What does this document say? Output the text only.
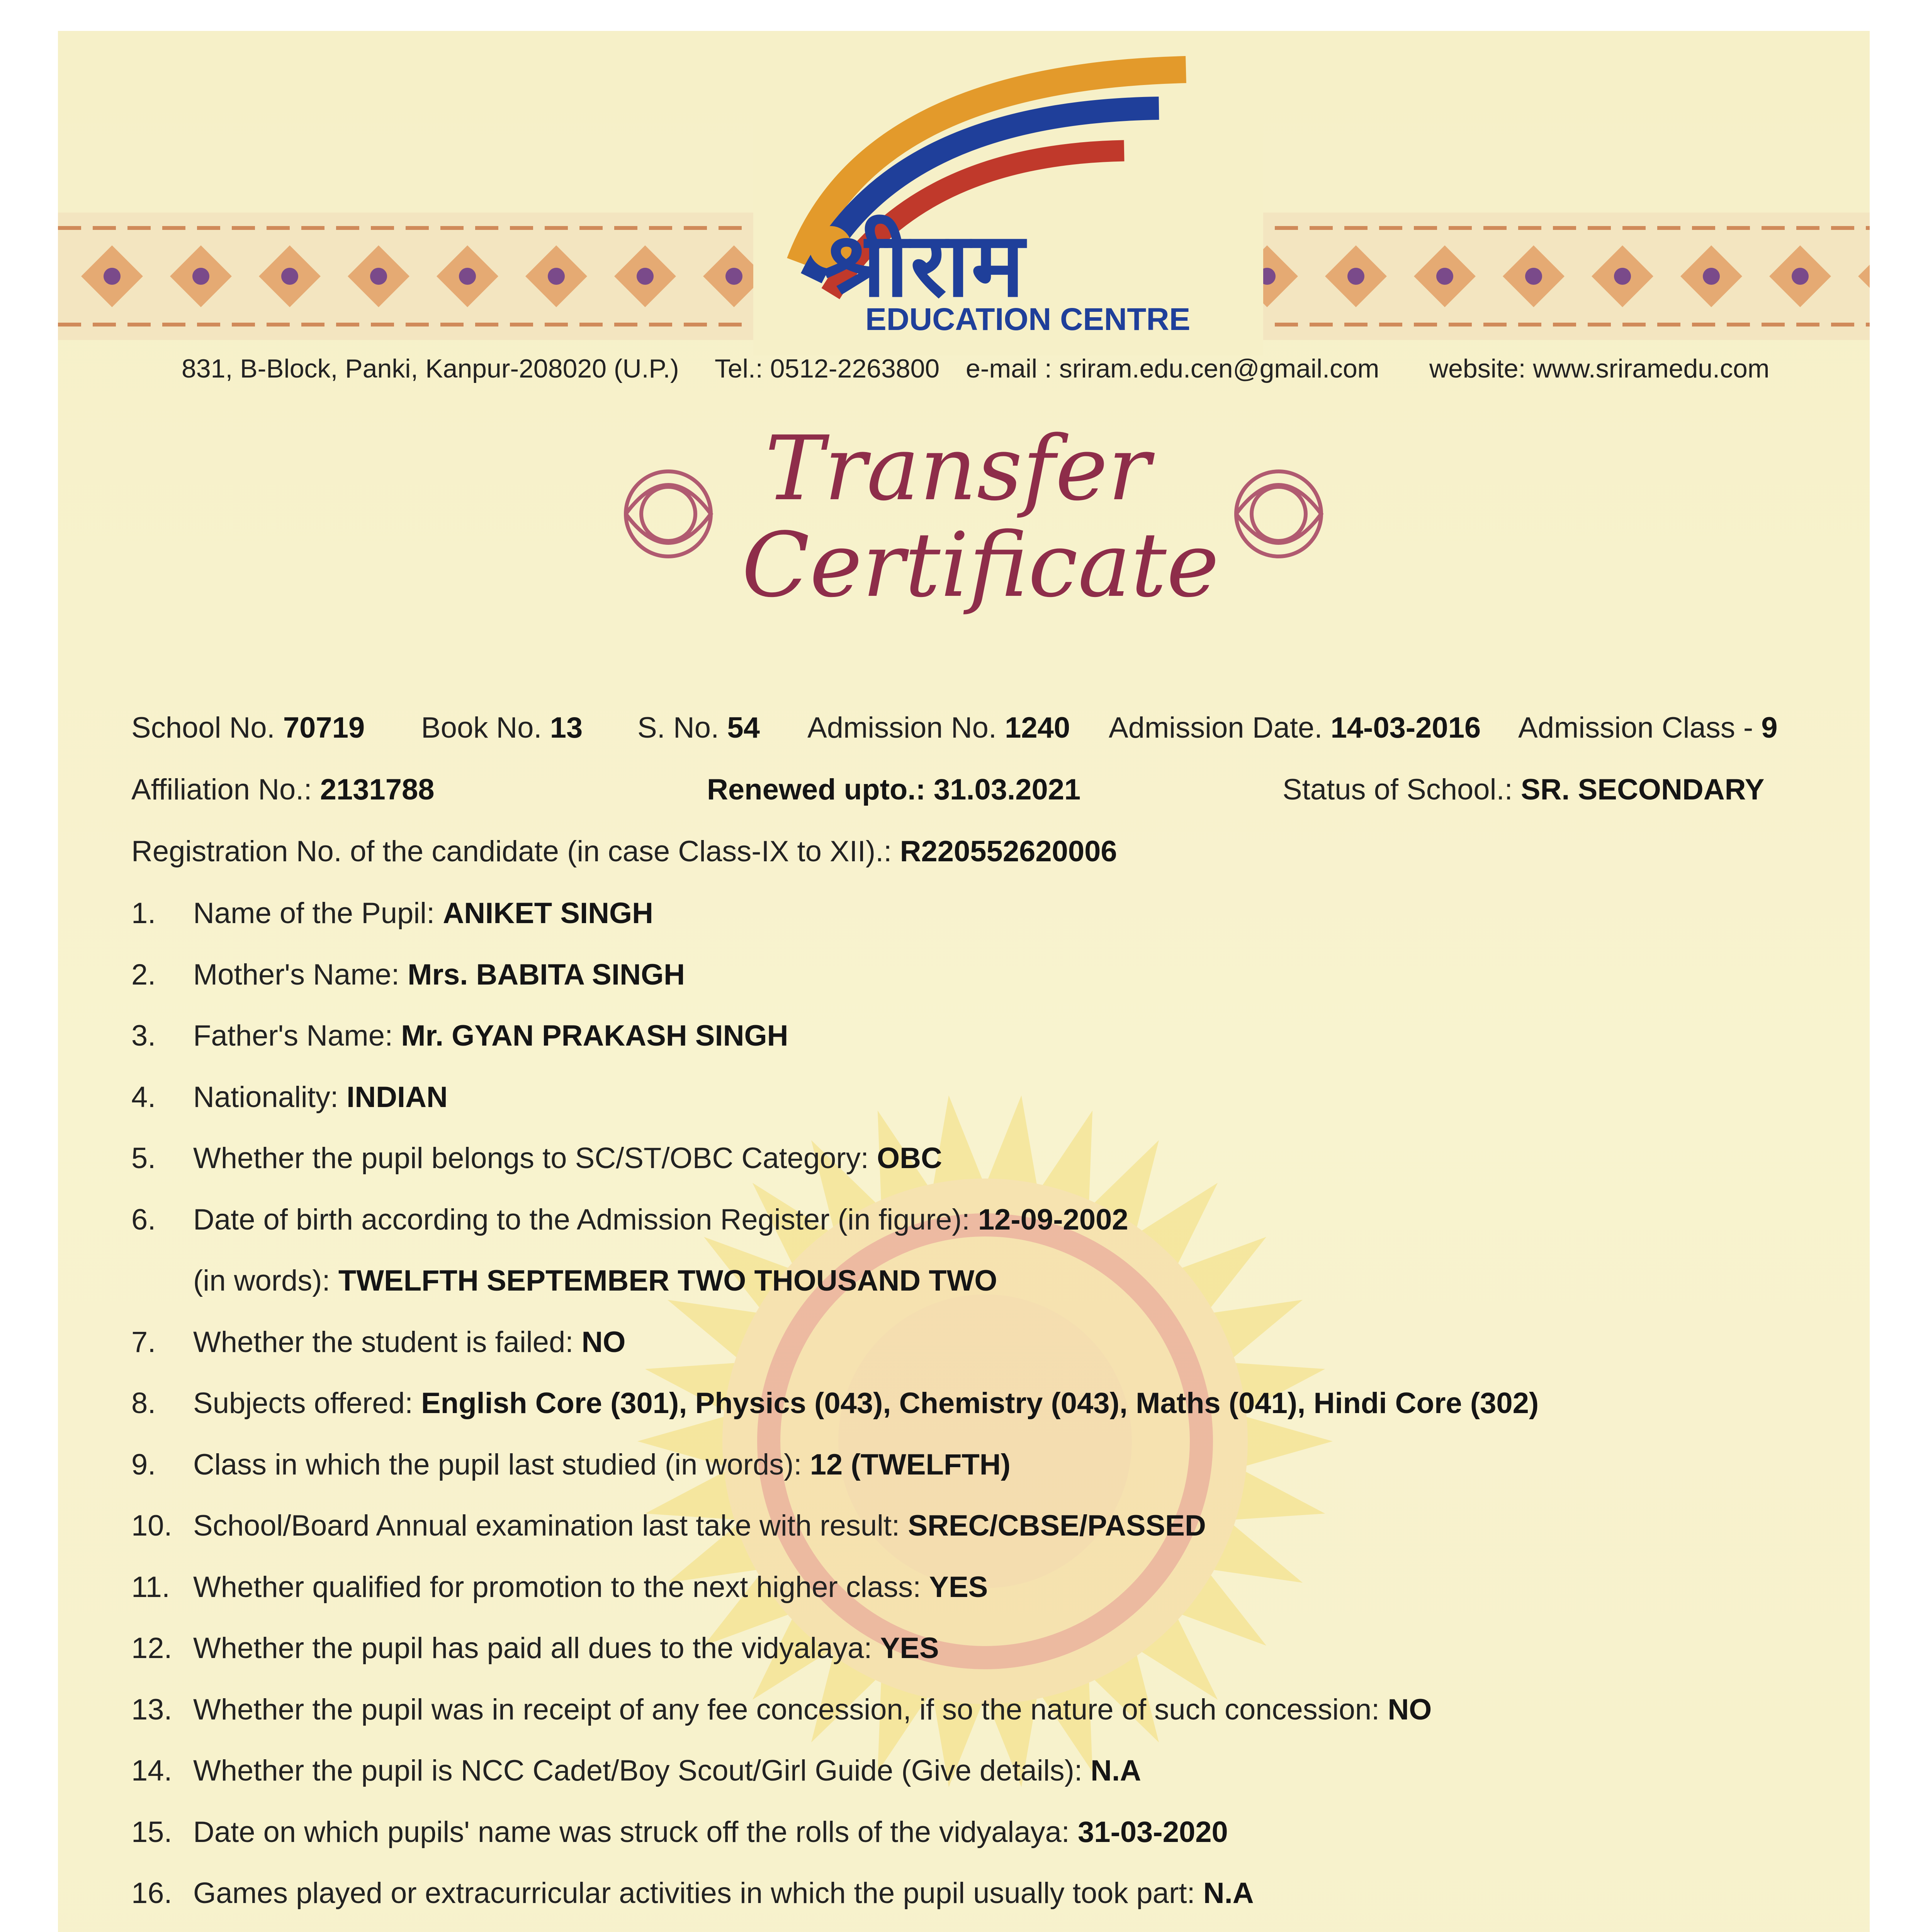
श्रीराम
EDUCATION CENTRE
831, B-Block, Panki, Kanpur-208020 (U.P.) Tel.: 0512-2263800 e-mail : sriram.edu.cen@gmail.com website: www.sriramedu.com
Transfer
Certificate
School No. 70719 Book No. 13 S. No. 54 Admission No. 1240 Admission Date. 14-03-2016 Admission Class - 9
Affiliation No.: 2131788	Renewed upto.: 31.03.2021	Status of School.: SR. SECONDARY
Registration No. of the candidate (in case Class-IX to XII).: R220552620006
1. Name of the Pupil: ANIKET SINGH
2. Mother's Name: Mrs. BABITA SINGH
3. Father's Name: Mr. GYAN PRAKASH SINGH
4. Nationality: INDIAN
5. Whether the pupil belongs to SC/ST/OBC Category: OBC
6. Date of birth according to the Admission Register (in figure): 12-09-2002
(in words): TWELFTH SEPTEMBER TWO THOUSAND TWO
7. Whether the student is failed: NO
8. Subjects offered: English Core (301), Physics (043), Chemistry (043), Maths (041), Hindi Core (302)
9. Class in which the pupil last studied (in words): 12 (TWELFTH)
10. School/Board Annual examination last take with result: SREC/CBSE/PASSED
11. Whether qualified for promotion to the next higher class: YES
12. Whether the pupil has paid all dues to the vidyalaya: YES
13. Whether the pupil was in receipt of any fee concession, if so the nature of such concession: NO
14. Whether the pupil is NCC Cadet/Boy Scout/Girl Guide (Give details): N.A
15. Date on which pupils' name was struck off the rolls of the vidyalaya: 31-03-2020
16. Games played or extracurricular activities in which the pupil usually took part: N.A
